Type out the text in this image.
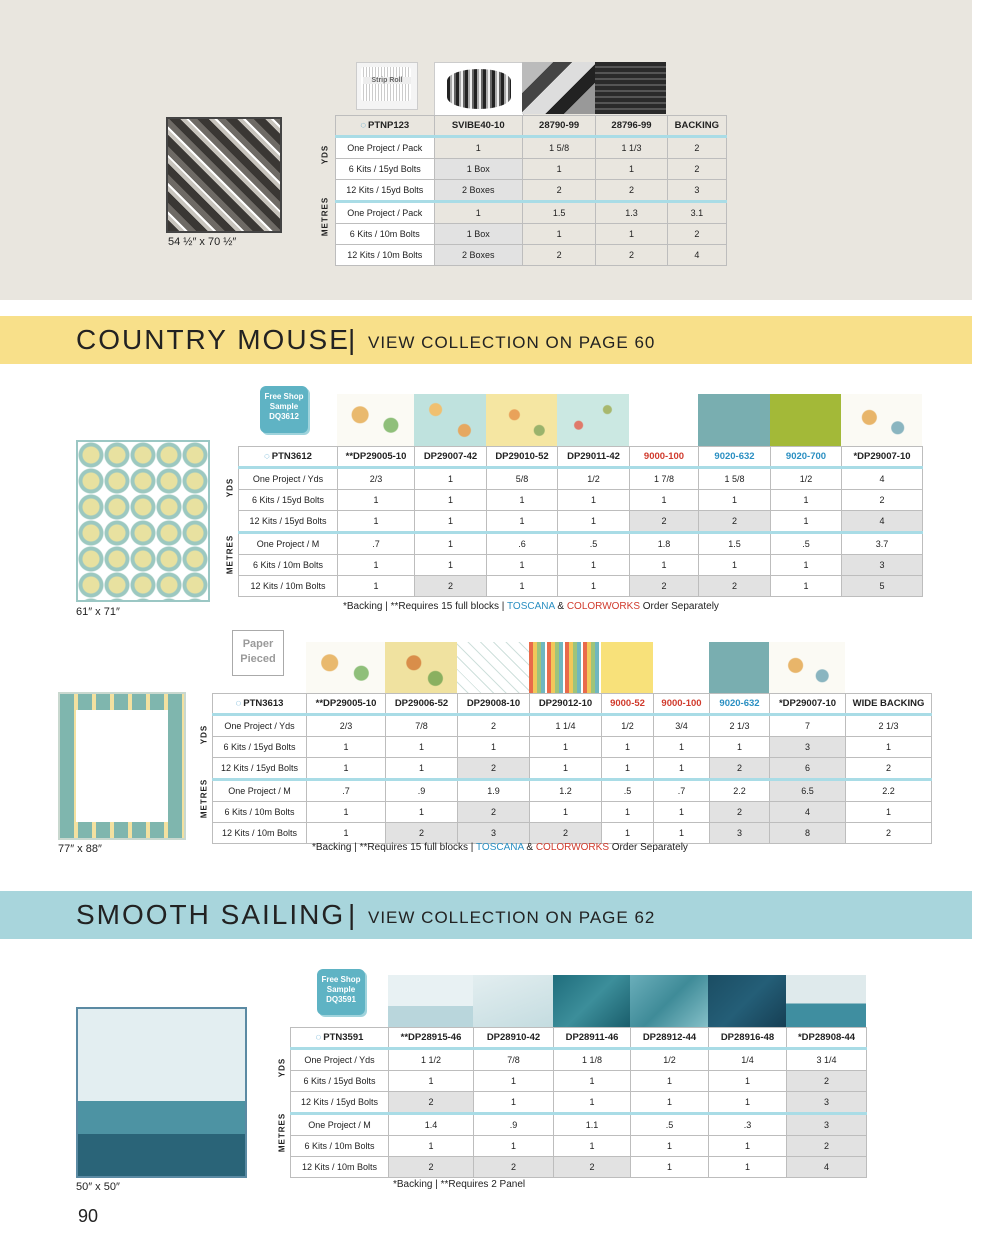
Strip Roll
54 ½″ x 70 ½″
YDS
METRES
◌ PTNP123	SVIBE40-10	28790-99	28796-99	BACKING
One Project / Pack	1	1 5/8	1 1/3	2
6 Kits / 15yd Bolts	1 Box	1	1	2
12 Kits / 15yd Bolts	2 Boxes	2	2	3
One Project / Pack	1	1.5	1.3	3.1
6 Kits / 10m Bolts	1 Box	1	1	2
12 Kits / 10m Bolts	2 Boxes	2	2	4
COUNTRY MOUSE
| VIEW COLLECTION ON PAGE 60
Free Shop
Sample
DQ3612
61″ x 71″
YDS
METRES
◌ PTN3612	**DP29005-10	DP29007-42	DP29010-52	DP29011-42	9000-100	9020-632	9020-700	*DP29007-10
One Project / Yds	2/3	1	5/8	1/2	1 7/8	1 5/8	1/2	4
6 Kits / 15yd Bolts	1	1	1	1	1	1	1	2
12 Kits / 15yd Bolts	1	1	1	1	2	2	1	4
One Project / M	.7	1	.6	.5	1.8	1.5	.5	3.7
6 Kits / 10m Bolts	1	1	1	1	1	1	1	3
12 Kits / 10m Bolts	1	2	1	1	2	2	1	5
*Backing | **Requires 15 full blocks | TOSCANA & COLORWORKS Order Separately
Paper
Pieced
77″ x 88″
YDS
METRES
◌ PTN3613	**DP29005-10	DP29006-52	DP29008-10	DP29012-10	9000-52	9000-100	9020-632	*DP29007-10	WIDE BACKING
One Project / Yds	2/3	7/8	2	1 1/4	1/2	3/4	2 1/3	7	2 1/3
6 Kits / 15yd Bolts	1	1	1	1	1	1	1	3	1
12 Kits / 15yd Bolts	1	1	2	1	1	1	2	6	2
One Project / M	.7	.9	1.9	1.2	.5	.7	2.2	6.5	2.2
6 Kits / 10m Bolts	1	1	2	1	1	1	2	4	1
12 Kits / 10m Bolts	1	2	3	2	1	1	3	8	2
*Backing | **Requires 15 full blocks | TOSCANA & COLORWORKS Order Separately
SMOOTH SAILING | VIEW COLLECTION ON PAGE 62
Free Shop
Sample
DQ3591
50″ x 50″
YDS
METRES
◌ PTN3591	**DP28915-46	DP28910-42	DP28911-46	DP28912-44	DP28916-48	*DP28908-44
One Project / Yds	1 1/2	7/8	1 1/8	1/2	1/4	3 1/4
6 Kits / 15yd Bolts	1	1	1	1	1	2
12 Kits / 15yd Bolts	2	1	1	1	1	3
One Project / M	1.4	.9	1.1	.5	.3	3
6 Kits / 10m Bolts	1	1	1	1	1	2
12 Kits / 10m Bolts	2	2	2	1	1	4
*Backing | **Requires 2 Panel
90
